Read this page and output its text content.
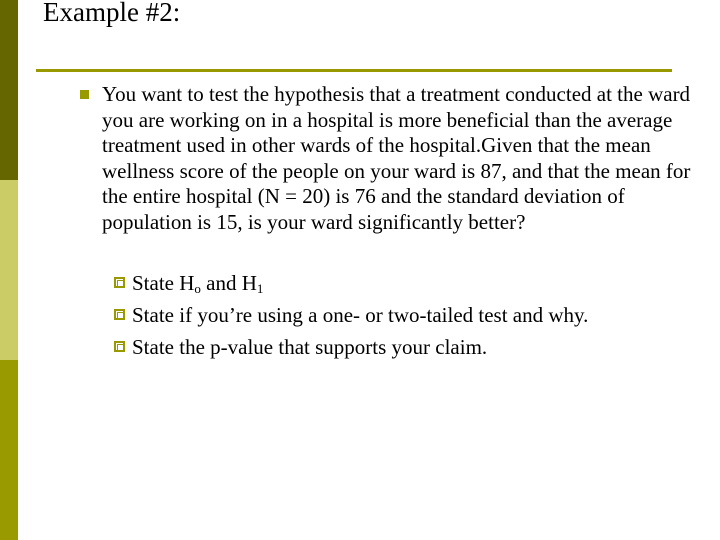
Example #2:
You want to test the hypothesis that a treatment conducted at the ward you are working on in a hospital is more beneficial than the average treatment used in other wards of the hospital.Given that the mean wellness score of the people on your ward is 87, and that the mean for the entire hospital (N = 20) is 76 and the standard deviation of population is 15, is your ward significantly better?
State $H_o$ and $H_1$
State if you’re using a one- or two-tailed test and why.
State the p-value that supports your claim.
